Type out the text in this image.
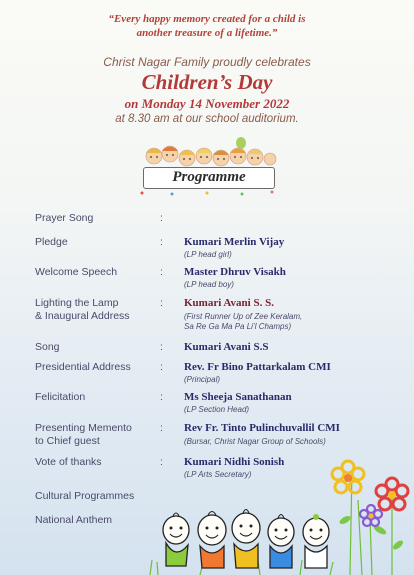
“Every happy memory created for a child is
another treasure of a lifetime.”
Christ Nagar Family proudly celebrates
Children’s Day
on Monday 14 November 2022
at 8.30 am at our school auditorium.
Programme
Prayer Song	:
Pledge	: Kumari Merlin Vijay
(LP head girl)
Welcome Speech	: Master Dhruv Visakh
(LP head boy)
Lighting the Lamp
& Inaugural Address
: Kumari Avani S. S.
(First Runner Up of Zee Keralam,
Sa Re Ga Ma Pa Li’l Champs)
Song	: Kumari Avani S.S
Presidential Address	: Rev. Fr Bino Pattarkalam CMI
(Principal)
Felicitation	: Ms Sheeja Sanathanan
(LP Section Head)
Presenting Memento
to Chief guest
: Rev Fr. Tinto Pulinchuvallil CMI
(Bursar, Christ Nagar Group of Schools)
Vote of thanks	: Kumari Nidhi Sonish
(LP Arts Secretary)
Cultural Programmes
National Anthem
